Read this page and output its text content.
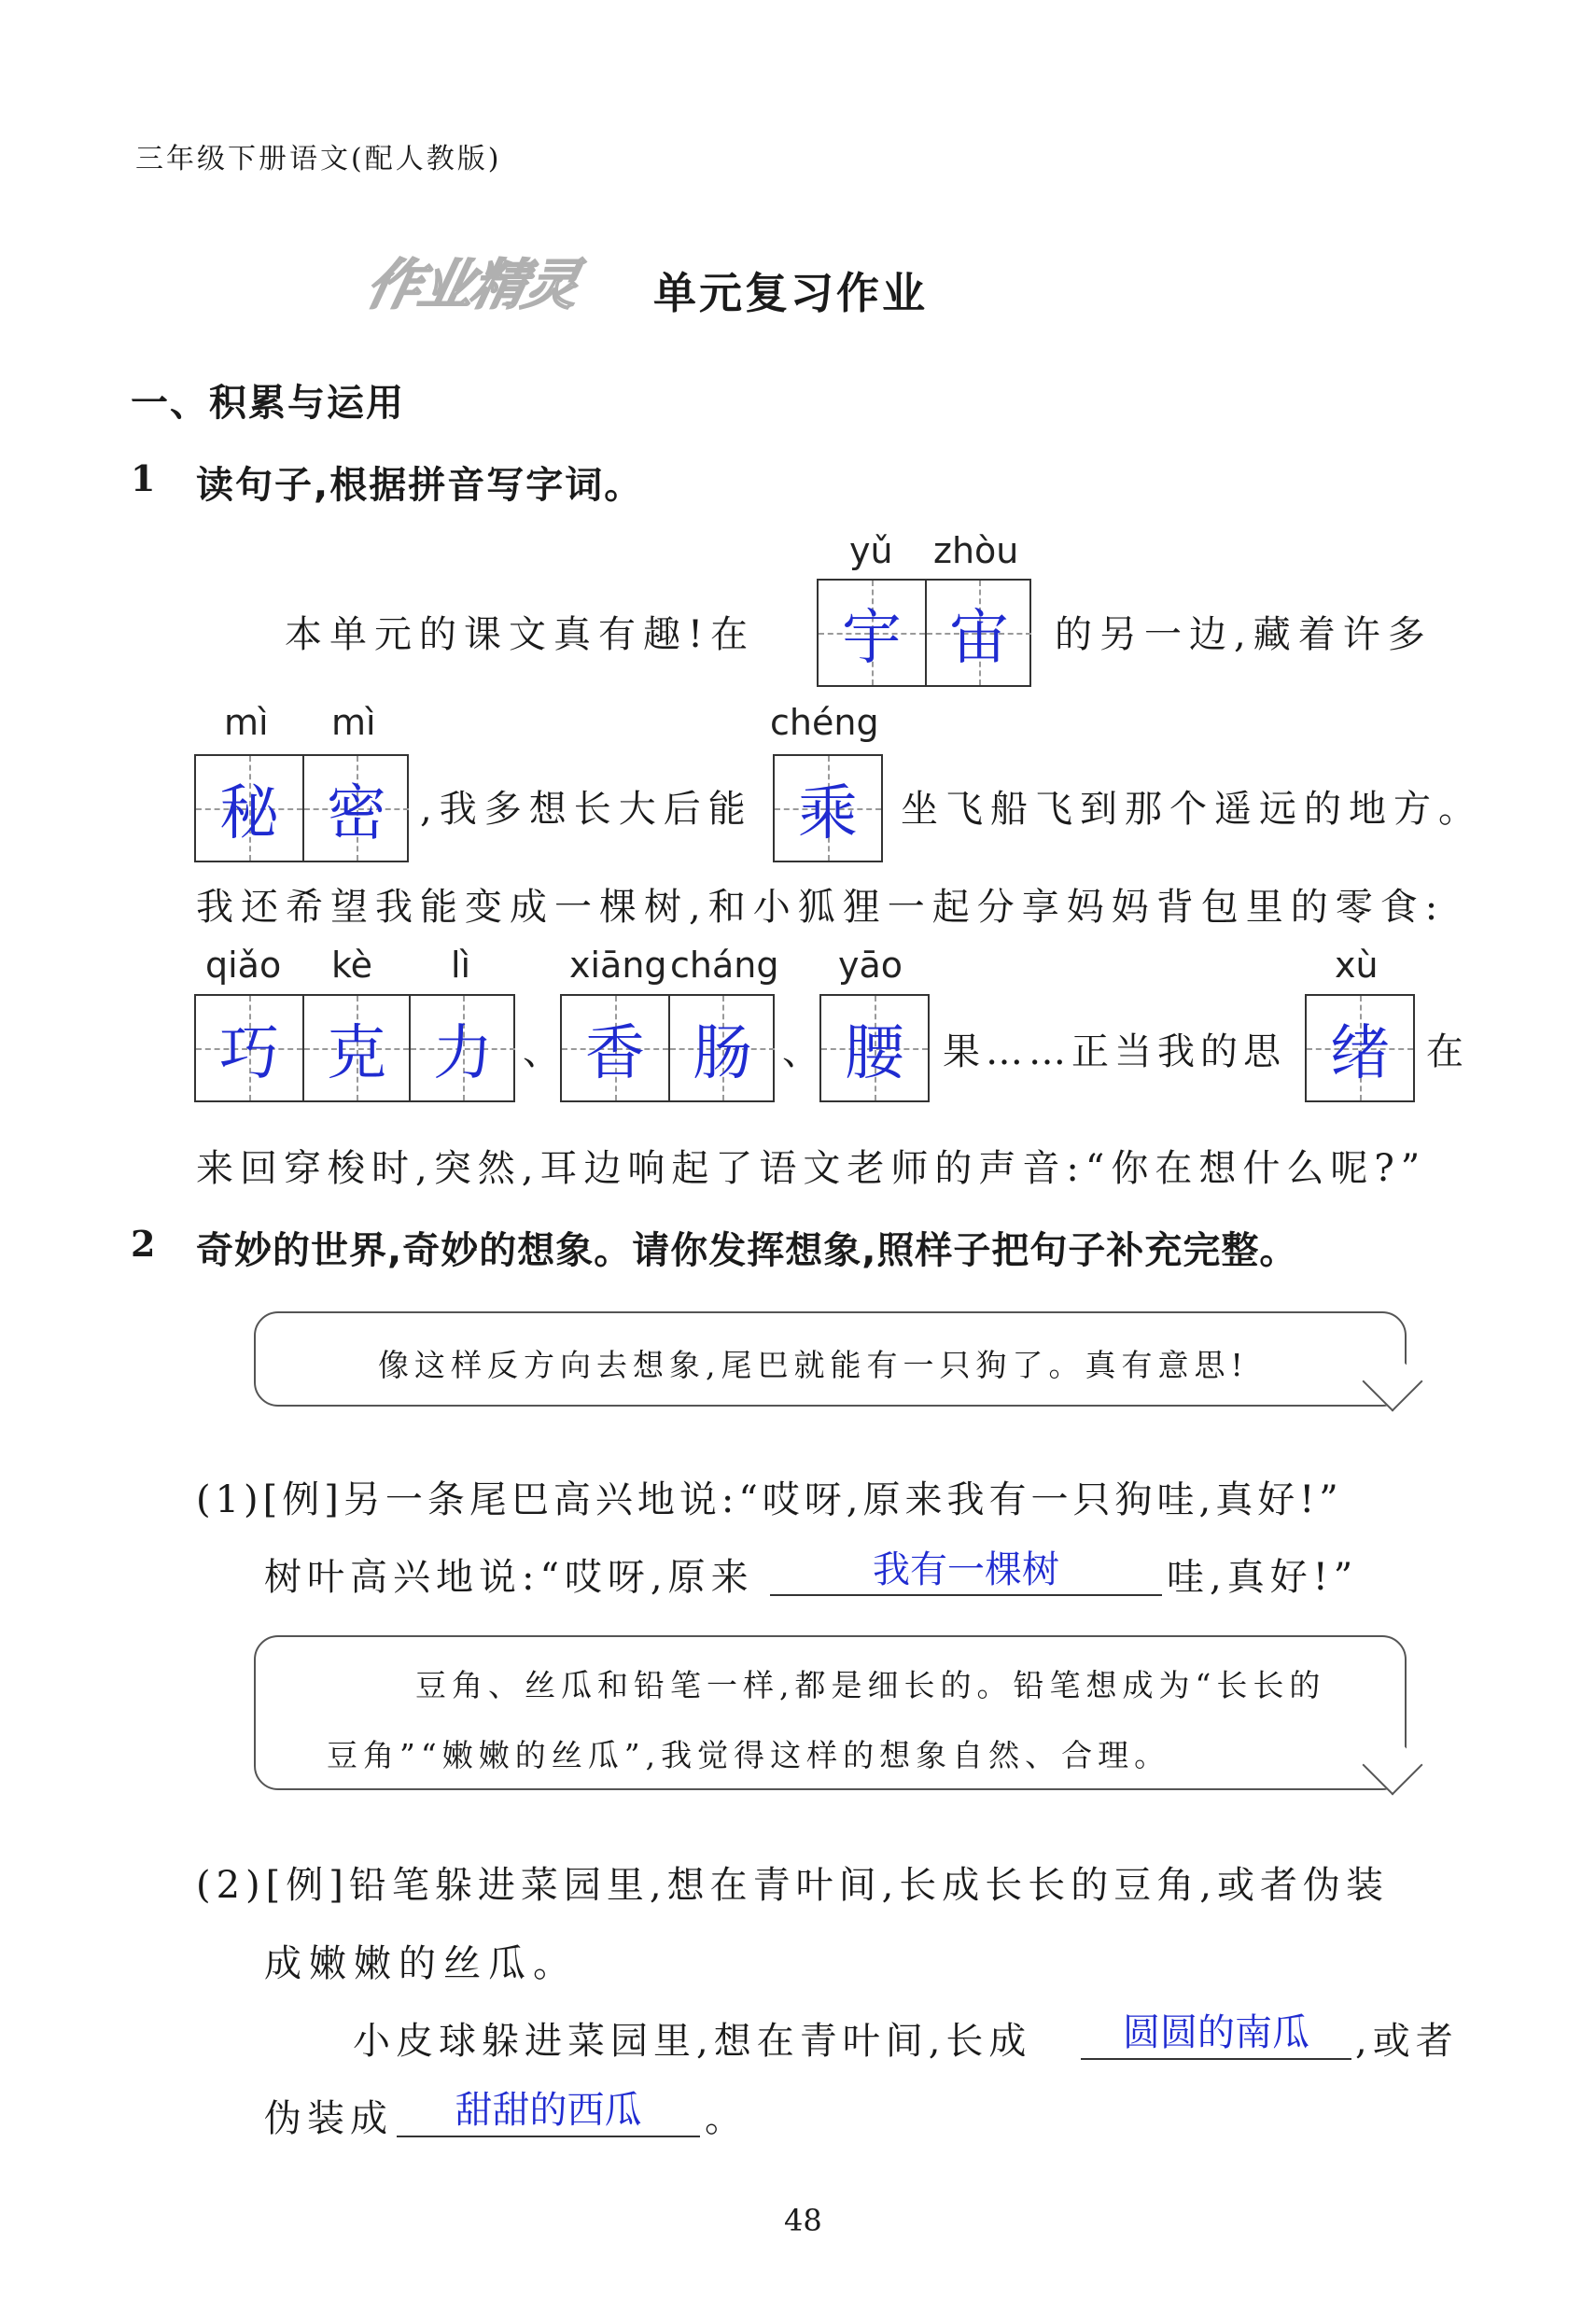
三年级下册语文(配人教版)
作业精灵 单元复习作业
一、积累与运用
1 读句子,根据拼音写字词。
yǔ zhòu
本单元的课文真有趣!在	宇 宙	的另一边,藏着许多
mì mì
秘 密 ,我多想长大后能
chéng
乘	坐飞船飞到那个遥远的地方。
我还希望我能变成一棵树,和小狐狸一起分享妈妈背包里的零食:
qiǎo kè lì
巧 克 力 、
xiāng cháng
香 肠 、
yāo
腰	果……正当我的思
xù
绪 在
来回穿梭时,突然,耳边响起了语文老师的声音:“你在想什么呢?”
2 奇妙的世界,奇妙的想象。请你发挥想象,照样子把句子补充完整。
像这样反方向去想象,尾巴就能有一只狗了。真有意思!
(1)[例]另一条尾巴高兴地说:“哎呀,原来我有一只狗哇,真好!”
树叶高兴地说:“哎呀,原来	我有一棵树	哇,真好!”
豆角、丝瓜和铅笔一样,都是细长的。铅笔想成为“长长的
豆角”“嫩嫩的丝瓜”,我觉得这样的想象自然、合理。
(2)[例]铅笔躲进菜园里,想在青叶间,长成长长的豆角,或者伪装
成嫩嫩的丝瓜。
小皮球躲进菜园里,想在青叶间,长成	圆圆的南瓜	,或者
伪装成	甜甜的西瓜	。
48
